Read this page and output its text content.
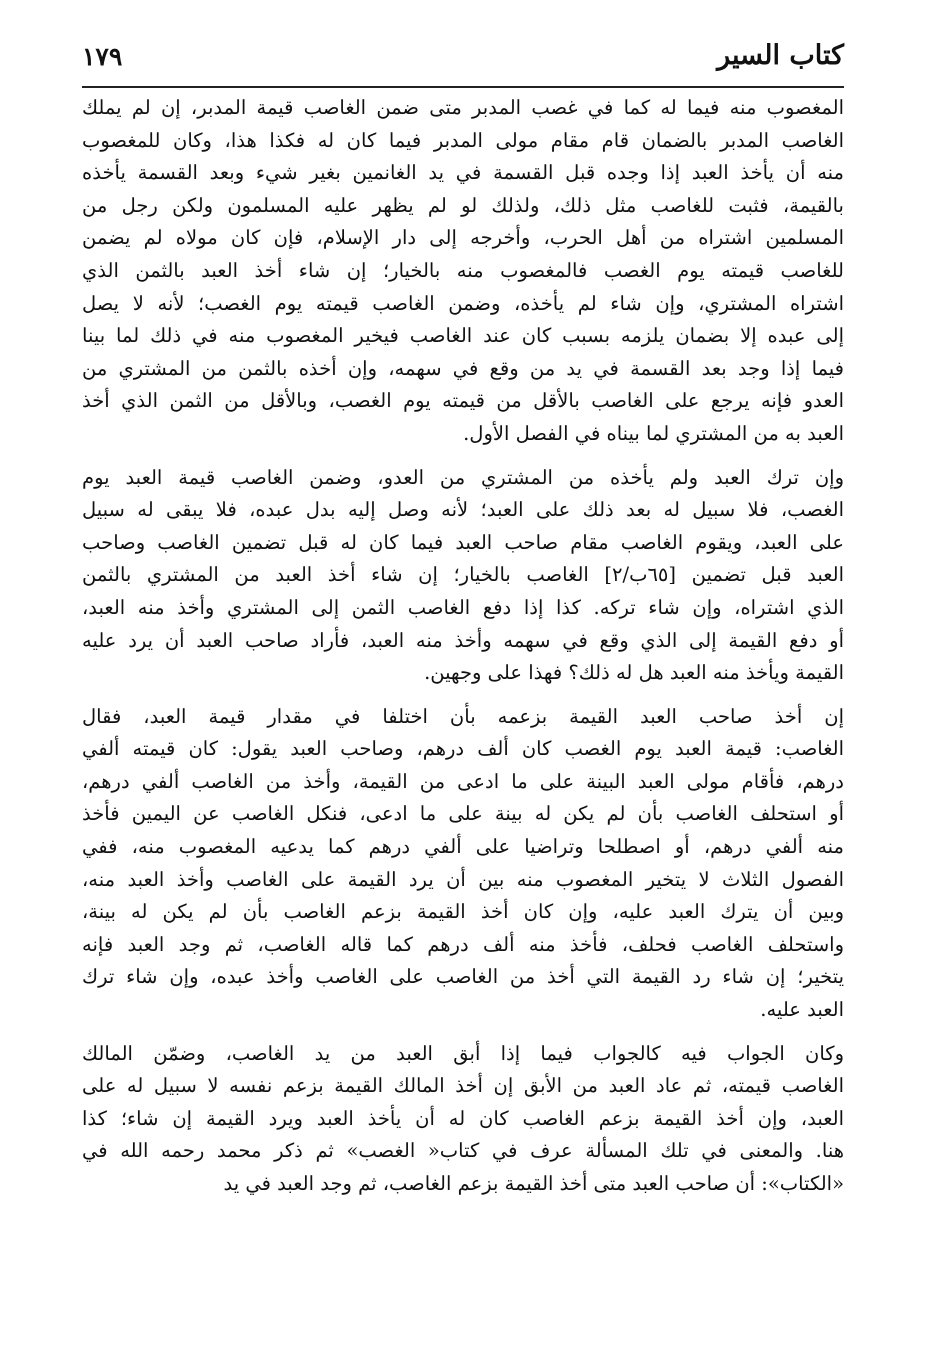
كتاب السير
١٧٩
المغصوب منه فيما له كما في غصب المدبر متى ضمن الغاصب قيمة المدبر، إن لم يملك
الغاصب المدبر بالضمان قام مقام مولى المدبر فيما كان له فكذا هذا، وكان للمغصوب
منه أن يأخذ العبد إذا وجده قبل القسمة في يد الغانمين بغير شيء وبعد القسمة يأخذه
بالقيمة، فثبت للغاصب مثل ذلك، ولذلك لو لم يظهر عليه المسلمون ولكن رجل من
المسلمين اشتراه من أهل الحرب، وأخرجه إلى دار الإسلام، فإن كان مولاه لم يضمن
للغاصب قيمته يوم الغصب فالمغصوب منه بالخيار؛ إن شاء أخذ العبد بالثمن الذي
اشتراه المشتري، وإن شاء لم يأخذه، وضمن الغاصب قيمته يوم الغصب؛ لأنه لا يصل
إلى عبده إلا بضمان يلزمه بسبب كان عند الغاصب فيخير المغصوب منه في ذلك لما بينا
فيما إذا وجد بعد القسمة في يد من وقع في سهمه، وإن أخذه بالثمن من المشتري من
العدو فإنه يرجع على الغاصب بالأقل من قيمته يوم الغصب، وبالأقل من الثمن الذي أخذ
العبد به من المشتري لما بيناه في الفصل الأول.
وإن ترك العبد ولم يأخذه من المشتري من العدو، وضمن الغاصب قيمة العبد يوم
الغصب، فلا سبيل له بعد ذلك على العبد؛ لأنه وصل إليه بدل عبده، فلا يبقى له سبيل
على العبد، ويقوم الغاصب مقام صاحب العبد فيما كان له قبل تضمين الغاصب وصاحب
العبد قبل تضمين [٦٥ب/٢] الغاصب بالخيار؛ إن شاء أخذ العبد من المشتري بالثمن
الذي اشتراه، وإن شاء تركه. كذا إذا دفع الغاصب الثمن إلى المشتري وأخذ منه العبد،
أو دفع القيمة إلى الذي وقع في سهمه وأخذ منه العبد، فأراد صاحب العبد أن يرد عليه
القيمة ويأخذ منه العبد هل له ذلك؟ فهذا على وجهين.
إن أخذ صاحب العبد القيمة بزعمه بأن اختلفا في مقدار قيمة العبد، فقال
الغاصب: قيمة العبد يوم الغصب كان ألف درهم، وصاحب العبد يقول: كان قيمته ألفي
درهم، فأقام مولى العبد البينة على ما ادعى من القيمة، وأخذ من الغاصب ألفي درهم،
أو استحلف الغاصب بأن لم يكن له بينة على ما ادعى، فنكل الغاصب عن اليمين فأخذ
منه ألفي درهم، أو اصطلحا وتراضيا على ألفي درهم كما يدعيه المغصوب منه، ففي
الفصول الثلاث لا يتخير المغصوب منه بين أن يرد القيمة على الغاصب وأخذ العبد منه،
وبين أن يترك العبد عليه، وإن كان أخذ القيمة بزعم الغاصب بأن لم يكن له بينة،
واستحلف الغاصب فحلف، فأخذ منه ألف درهم كما قاله الغاصب، ثم وجد العبد فإنه
يتخير؛ إن شاء رد القيمة التي أخذ من الغاصب على الغاصب وأخذ عبده، وإن شاء ترك
العبد عليه.
وكان الجواب فيه كالجواب فيما إذا أبق العبد من يد الغاصب، وضمّن المالك
الغاصب قيمته، ثم عاد العبد من الأبق إن أخذ المالك القيمة بزعم نفسه لا سبيل له على
العبد، وإن أخذ القيمة بزعم الغاصب كان له أن يأخذ العبد ويرد القيمة إن شاء؛ كذا
هنا. والمعنى في تلك المسألة عرف في كتاب« الغصب» ثم ذكر محمد رحمه الله في
«الكتاب»: أن صاحب العبد متى أخذ القيمة بزعم الغاصب، ثم وجد العبد في يد
